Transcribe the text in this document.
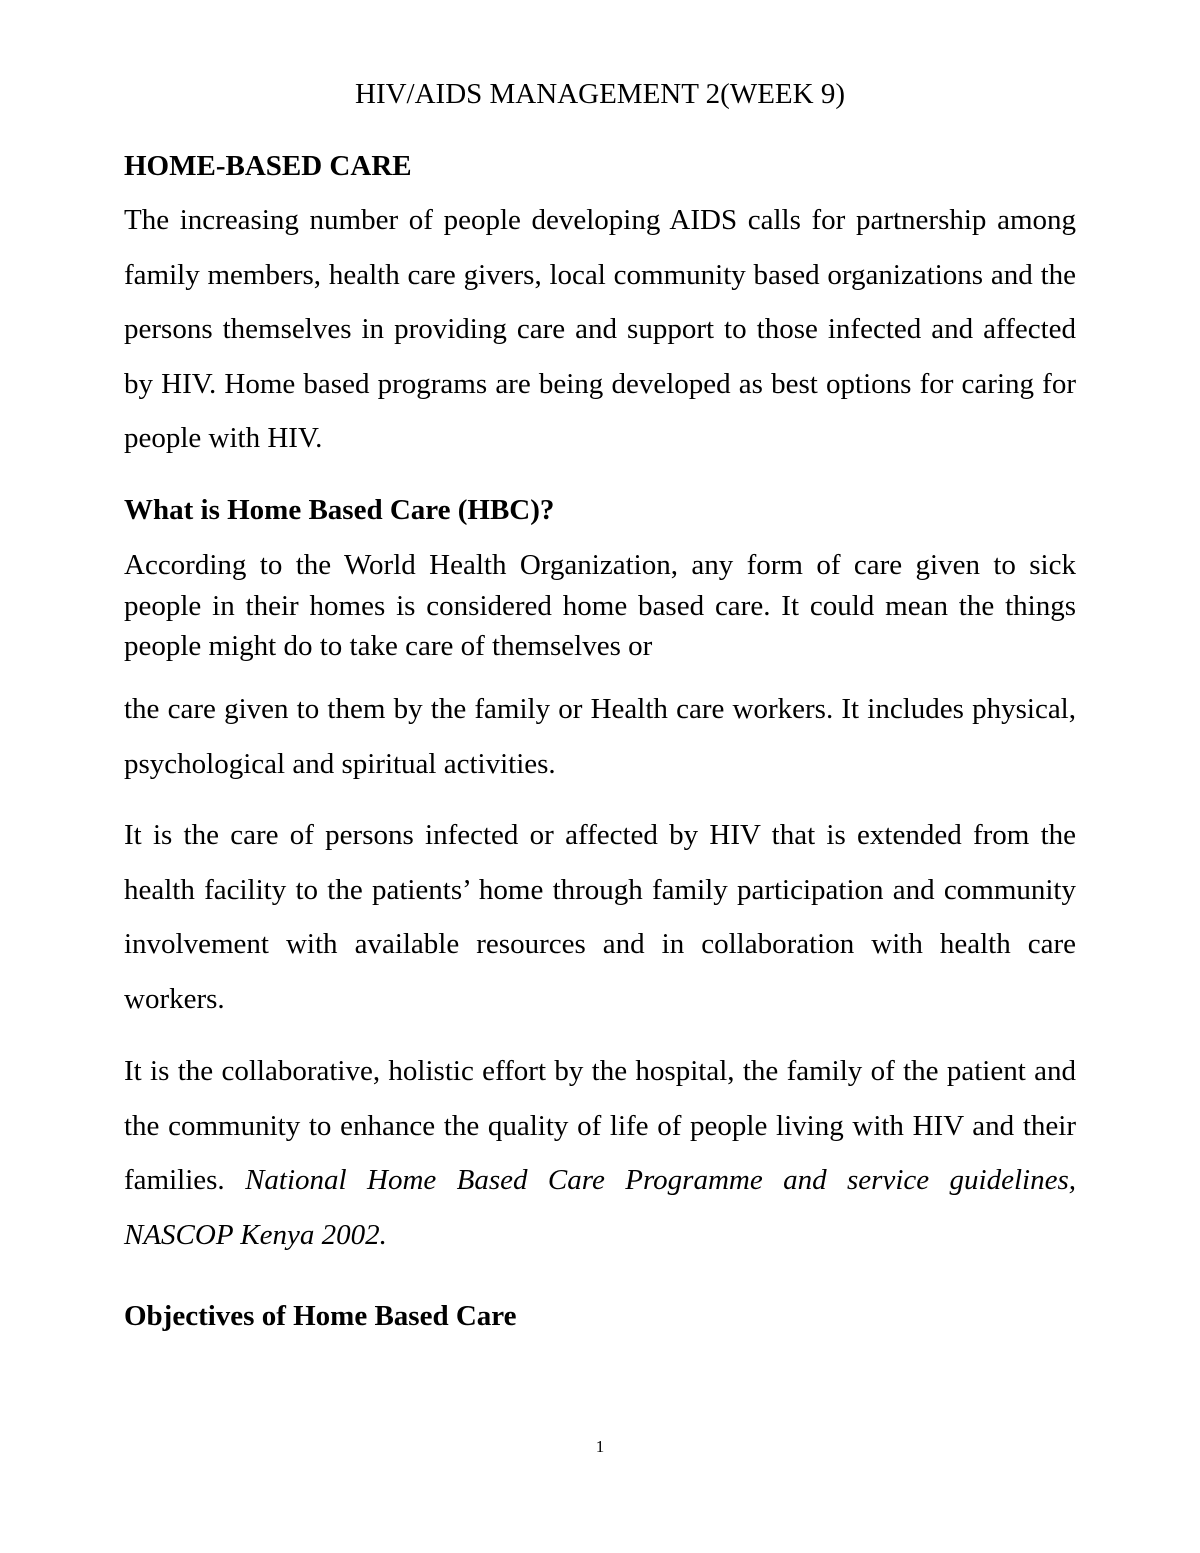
HIV/AIDS MANAGEMENT 2(WEEK 9)
HOME-BASED CARE

The increasing number of people developing AIDS calls for partnership among family members, health care givers, local community based organizations and the persons themselves in providing care and support to those infected and affected by HIV. Home based programs are being developed as best options for caring for people with HIV.

What is Home Based Care (HBC)?

According to the World Health Organization, any form of care given to sick people in their homes is considered home based care. It could mean the things people might do to take care of themselves or

the care given to them by the family or Health care workers. It includes physical, psychological and spiritual activities.

It is the care of persons infected or affected by HIV that is extended from the health facility to the patients’ home through family participation and community involvement with available resources and in collaboration with health care workers.

It is the collaborative, holistic effort by the hospital, the family of the patient and the community to enhance the quality of life of people living with HIV and their families. National Home Based Care Programme and service guidelines, NASCOP Kenya 2002.

Objectives of Home Based Care
1
